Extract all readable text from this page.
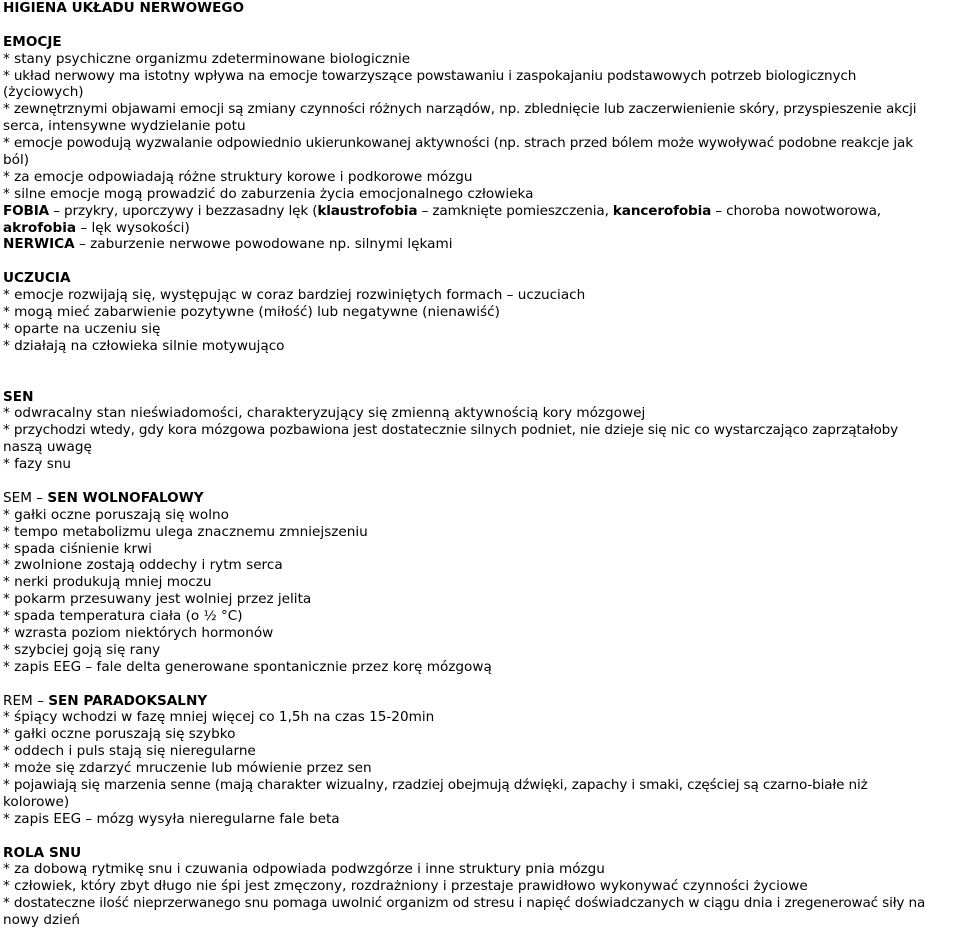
HIGIENA UKŁADU NERWOWEGO
EMOCJE
* stany psychiczne organizmu zdeterminowane biologicznie
* układ nerwowy ma istotny wpływa na emocje towarzyszące powstawaniu i zaspokajaniu podstawowych potrzeb biologicznych
(życiowych)
* zewnętrznymi objawami emocji są zmiany czynności różnych narządów, np. zblednięcie lub zaczerwienienie skóry, przyspieszenie akcji
serca, intensywne wydzielanie potu
* emocje powodują wyzwalanie odpowiednio ukierunkowanej aktywności (np. strach przed bólem może wywoływać podobne reakcje jak
ból)
* za emocje odpowiadają różne struktury korowe i podkorowe mózgu
* silne emocje mogą prowadzić do zaburzenia życia emocjonalnego człowieka
FOBIA – przykry, uporczywy i bezzasadny lęk (klaustrofobia – zamknięte pomieszczenia, kancerofobia – choroba nowotworowa,
akrofobia – lęk wysokości)
NERWICA – zaburzenie nerwowe powodowane np. silnymi lękami
UCZUCIA
* emocje rozwijają się, występując w coraz bardziej rozwiniętych formach – uczuciach
* mogą mieć zabarwienie pozytywne (miłość) lub negatywne (nienawiść)
* oparte na uczeniu się
* działają na człowieka silnie motywująco
SEN
* odwracalny stan nieświadomości, charakteryzujący się zmienną aktywnością kory mózgowej
* przychodzi wtedy, gdy kora mózgowa pozbawiona jest dostatecznie silnych podniet, nie dzieje się nic co wystarczająco zaprzątałoby
naszą uwagę
* fazy snu
SEM – SEN WOLNOFALOWY
* gałki oczne poruszają się wolno
* tempo metabolizmu ulega znacznemu zmniejszeniu
* spada ciśnienie krwi
* zwolnione zostają oddechy i rytm serca
* nerki produkują mniej moczu
* pokarm przesuwany jest wolniej przez jelita
* spada temperatura ciała (o ½ °C)
* wzrasta poziom niektórych hormonów
* szybciej goją się rany
* zapis EEG – fale delta generowane spontanicznie przez korę mózgową
REM – SEN PARADOKSALNY
* śpiący wchodzi w fazę mniej więcej co 1,5h na czas 15-20min
* gałki oczne poruszają się szybko
* oddech i puls stają się nieregularne
* może się zdarzyć mruczenie lub mówienie przez sen
* pojawiają się marzenia senne (mają charakter wizualny, rzadziej obejmują dźwięki, zapachy i smaki, częściej są czarno-białe niż
kolorowe)
* zapis EEG – mózg wysyła nieregularne fale beta
ROLA SNU
* za dobową rytmikę snu i czuwania odpowiada podwzgórze i inne struktury pnia mózgu
* człowiek, który zbyt długo nie śpi jest zmęczony, rozdrażniony i przestaje prawidłowo wykonywać czynności życiowe
* dostateczne ilość nieprzerwanego snu pomaga uwolnić organizm od stresu i napięć doświadczanych w ciągu dnia i zregenerować siły na
nowy dzień
